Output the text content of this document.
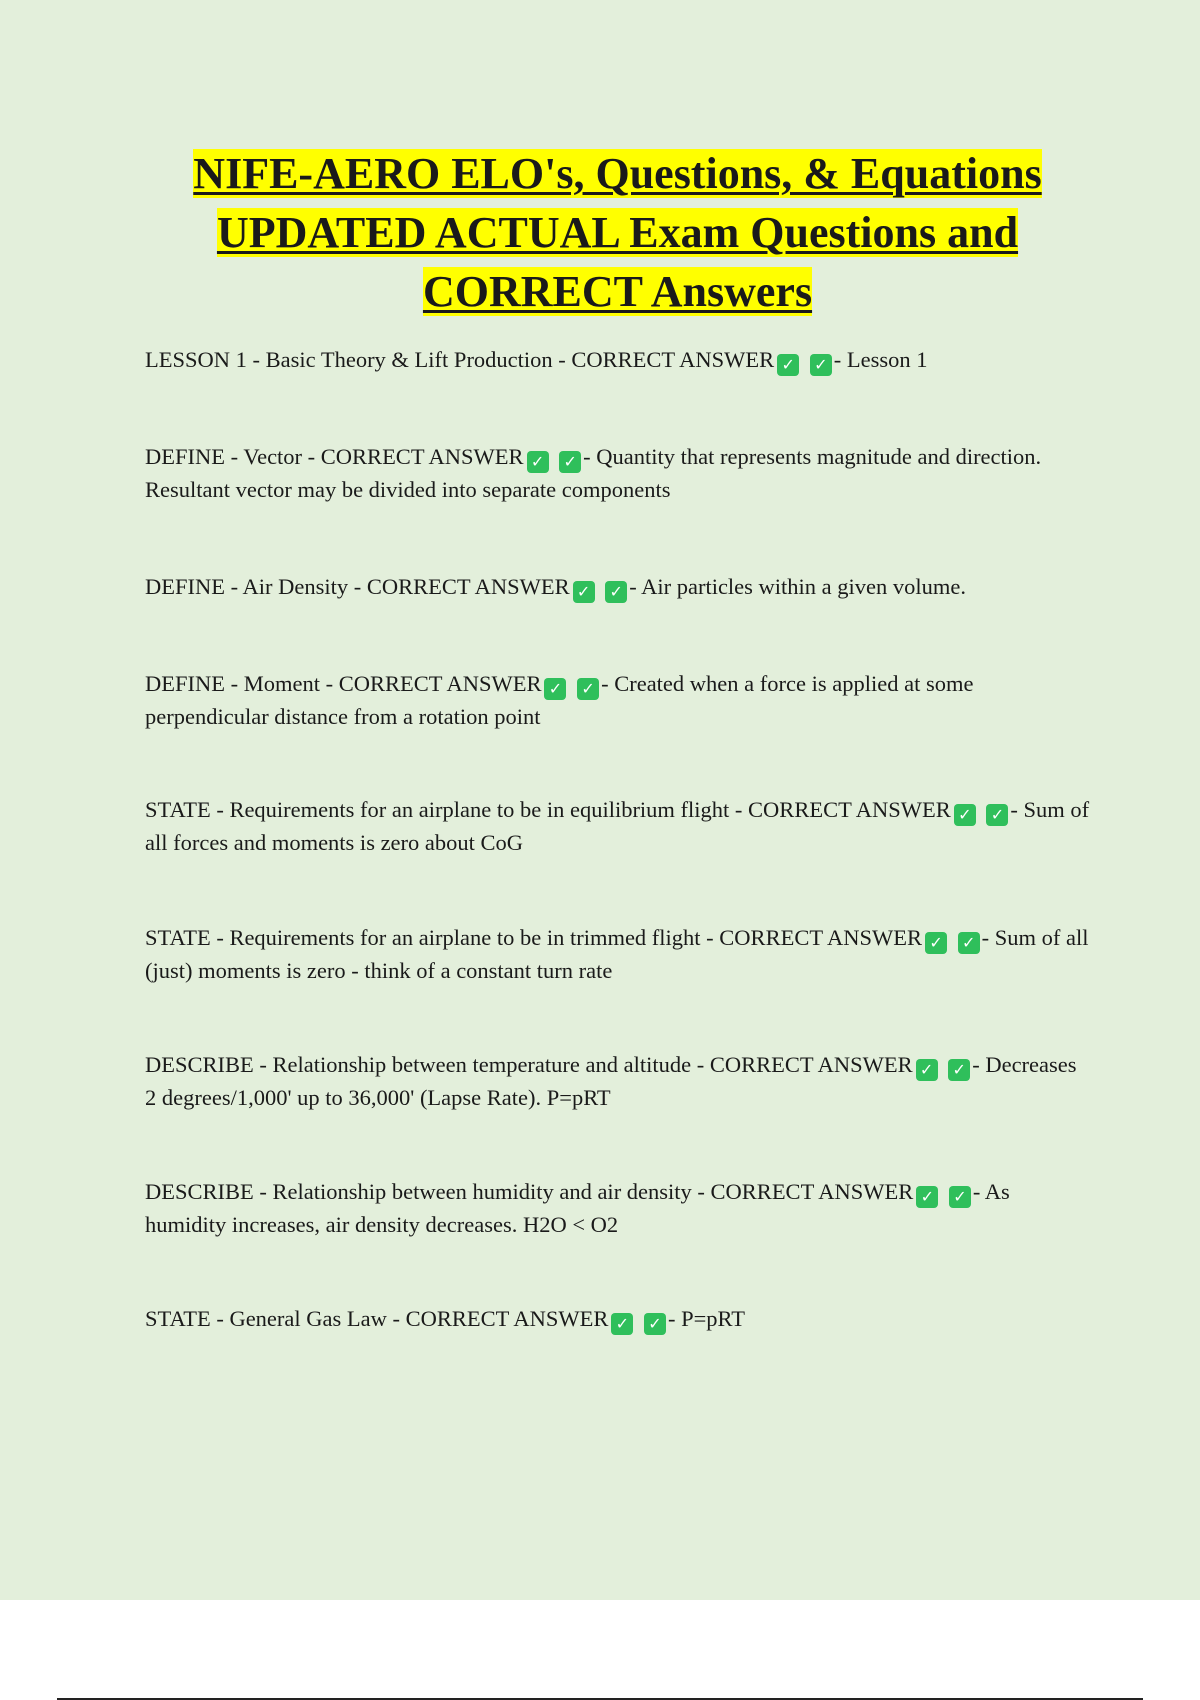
NIFE-AERO ELO's, Questions, & Equations
UPDATED ACTUAL Exam Questions and
CORRECT Answers

LESSON 1 - Basic Theory & Lift Production - CORRECT ANSWER ✓ ✓ - Lesson 1

DEFINE - Vector - CORRECT ANSWER ✓ ✓ - Quantity that represents magnitude and direction. Resultant vector may be divided into separate components

DEFINE - Air Density - CORRECT ANSWER ✓ ✓ - Air particles within a given volume.

DEFINE - Moment - CORRECT ANSWER ✓ ✓ - Created when a force is applied at some perpendicular distance from a rotation point

STATE - Requirements for an airplane to be in equilibrium flight - CORRECT ANSWER ✓ ✓ - Sum of all forces and moments is zero about CoG

STATE - Requirements for an airplane to be in trimmed flight - CORRECT ANSWER ✓ ✓ - Sum of all (just) moments is zero - think of a constant turn rate

DESCRIBE - Relationship between temperature and altitude - CORRECT ANSWER ✓ ✓ - Decreases 2 degrees/1,000' up to 36,000' (Lapse Rate). P=pRT

DESCRIBE - Relationship between humidity and air density - CORRECT ANSWER ✓ ✓ - As humidity increases, air density decreases. H2O < O2

STATE - General Gas Law - CORRECT ANSWER ✓ ✓ - P=pRT
